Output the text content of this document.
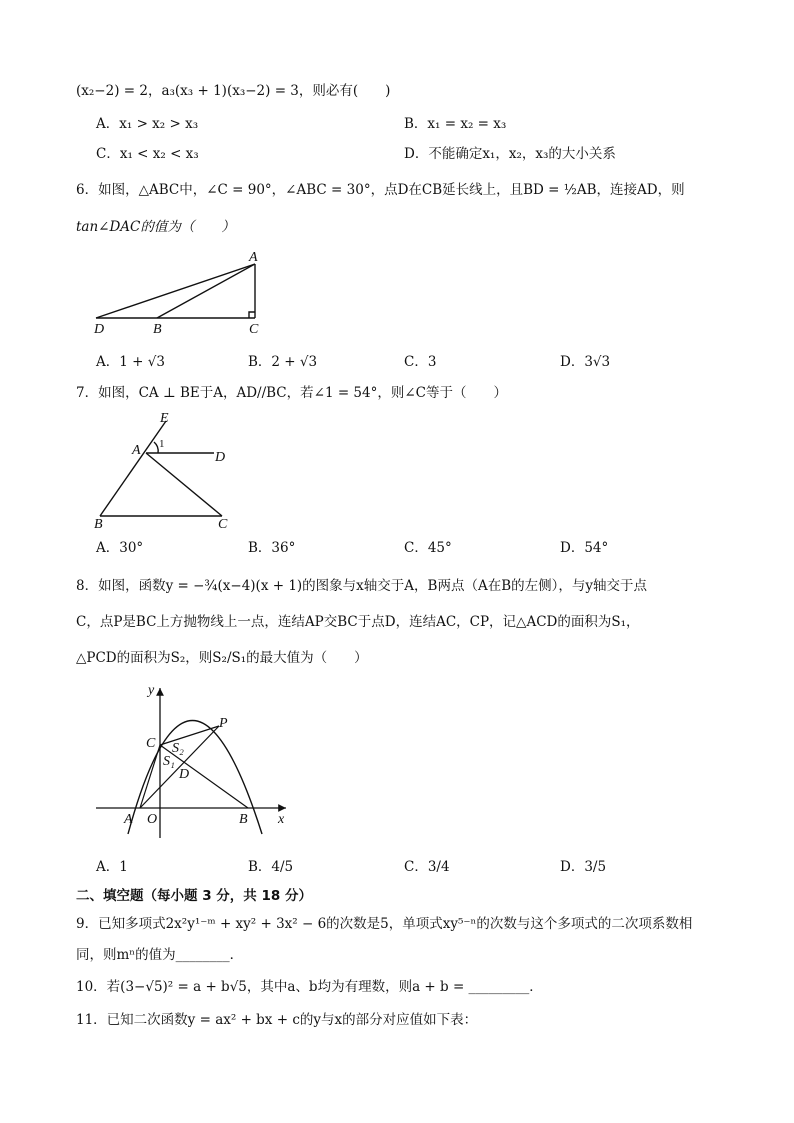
(x₂−2) = 2，a₃(x₃ + 1)(x₃−2) = 3，则必有(　　)
A．x₁ > x₂ > x₃	B．x₁ = x₂ = x₃
C．x₁ < x₂ < x₃	D．不能确定x₁，x₂，x₃的大小关系
6．如图，△ABC中，∠C = 90°，∠ABC = 30°，点D在CB延长线上，且BD = ½AB，连接AD，则
tan∠DAC的值为（　　）
A
D	B	C
A．1 + √3	B．2 + √3	C．3	D．3√3
7．如图，CA ⊥ BE于A，AD//BC，若∠1 = 54°，则∠C等于（　　）
E
1
A	D
B	C
A．30°	B．36°	C．45°	D．54°
8．如图，函数y = −¾(x−4)(x + 1)的图象与x轴交于A，B两点（A在B的左侧），与y轴交于点
C，点P是BC上方抛物线上一点，连结AP交BC于点D，连结AC，CP，记△ACD的面积为S₁，
△PCD的面积为S₂，则S₂/S₁的最大值为（　　）
y
x
C
P
S₂
S₁
D
A O	B
A．1	B．4/5	C．3/4	D．3/5
二、填空题（每小题 3 分，共 18 分）
9．已知多项式2x²y¹⁻ᵐ + xy² + 3x² − 6的次数是5，单项式xy⁵⁻ⁿ的次数与这个多项式的二次项系数相
同，则mⁿ的值为________．
10．若(3−√5)² = a + b√5，其中a、b均为有理数，则a + b = _________．
11．已知二次函数y = ax² + bx + c的y与x的部分对应值如下表：
